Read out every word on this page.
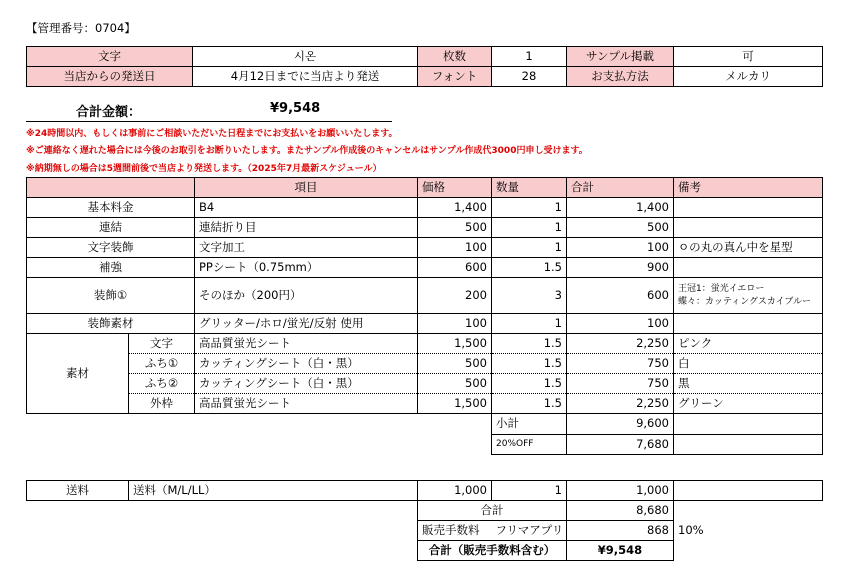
【管理番号：0704】
文字	시온	枚数	1	サンプル掲載	可
当店からの発送日	4月12日までに当店より発送	フォント	28	お支払方法	メルカリ
合計金額：	¥9,548
※24時間以内、もしくは事前にご相談いただいた日程までにお支払いをお願いいたします。
※ご連絡なく遅れた場合には今後のお取引をお断りいたします。またサンプル作成後のキャンセルはサンプル作成代3000円申し受けます。
※納期無しの場合は5週間前後で当店より発送します。（2025年7月最新スケジュール）
		項目	価格	数量	合計	備考
基本料金		B4	1,400	1	1,400	
連結		連結折り目	500	1	500	
文字装飾		文字加工	100	1	100	ㅇの丸の真ん中を星型
補強		PPシート（0.75mm）	600	1.5	900	
装飾①		そのほか（200円）	200	3	600	王冠1：蛍光イエロー
蝶々：カッティングスカイブルー

装飾素材		グリッター/ホロ/蛍光/反射 使用	100	1	100	
素材	文字	高品質蛍光シート	1,500	1.5	2,250	ピンク
	ふち①	カッティングシート（白・黒）	500	1.5	750	白
	ふち②	カッティングシート（白・黒）	500	1.5	750	黒
	外枠	高品質蛍光シート	1,500	1.5	2,250	グリーン
				小計	9,600	
				20%OFF	7,680	
送料	送料（M/L/LL）	1,000	1	1,000	
		合計		8,680	
		販売手数料	フリマアプリ	868	10%
		合計（販売手数料含む）		¥9,548	
